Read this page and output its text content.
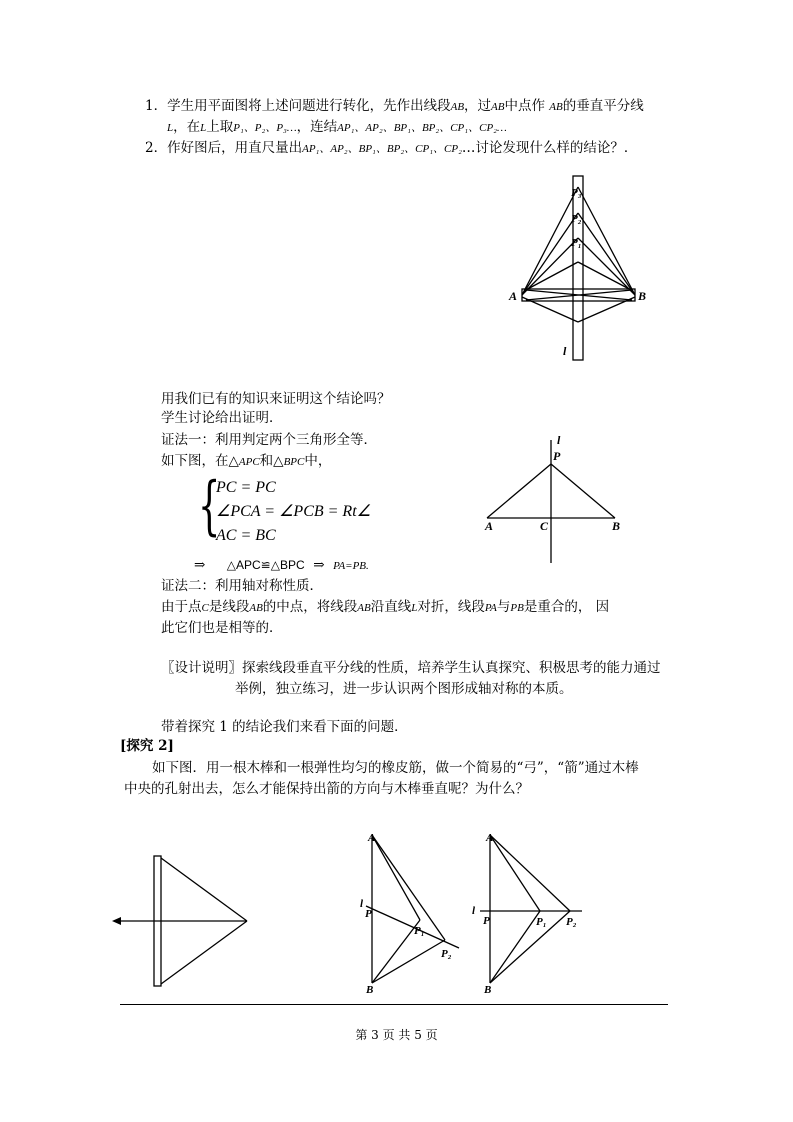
1．学生用平面图将上述问题进行转化，先作出线段AB，过AB中点作 AB的垂直平分线
L，在L上取P₁、P₂、P₃…，连结AP₁、AP₂、BP₁、BP₂、CP₁、CP₂…
2．作好图后，用直尺量出AP₁、AP₂、BP₁、BP₂、CP₁、CP₂…讨论发现什么样的结论？．
P₃
P₂
P₁
A	B
l
用我们已有的知识来证明这个结论吗？
学生讨论给出证明．
证法一：利用判定两个三角形全等．
如下图，在△APC和△BPC中，
{
PC = PC
∠PCA = ∠PCB = Rt∠
AC = BC
⇒ △APC≌△BPC ⇒ PA=PB.
证法二：利用轴对称性质．
由于点C是线段AB的中点，将线段AB沿直线L对折，线段PA与PB是重合的， 因
此它们也是相等的．
l
P
A	C	B
〖设计说明〗探索线段垂直平分线的性质，培养学生认真探究、积极思考的能力通过
举例，独立练习，进一步认识两个图形成轴对称的本质。
带着探究 1 的结论我们来看下面的问题．
[探究 2]
如下图．用一根木棒和一根弹性均匀的橡皮筋，做一个简易的“弓”，“箭”通过木棒
中央的孔射出去，怎么才能保持出箭的方向与木棒垂直呢？为什么？
A
l
P
P₁
P₂
B
A
l
P	P₁ P₂
B
第 3 页 共 5 页
